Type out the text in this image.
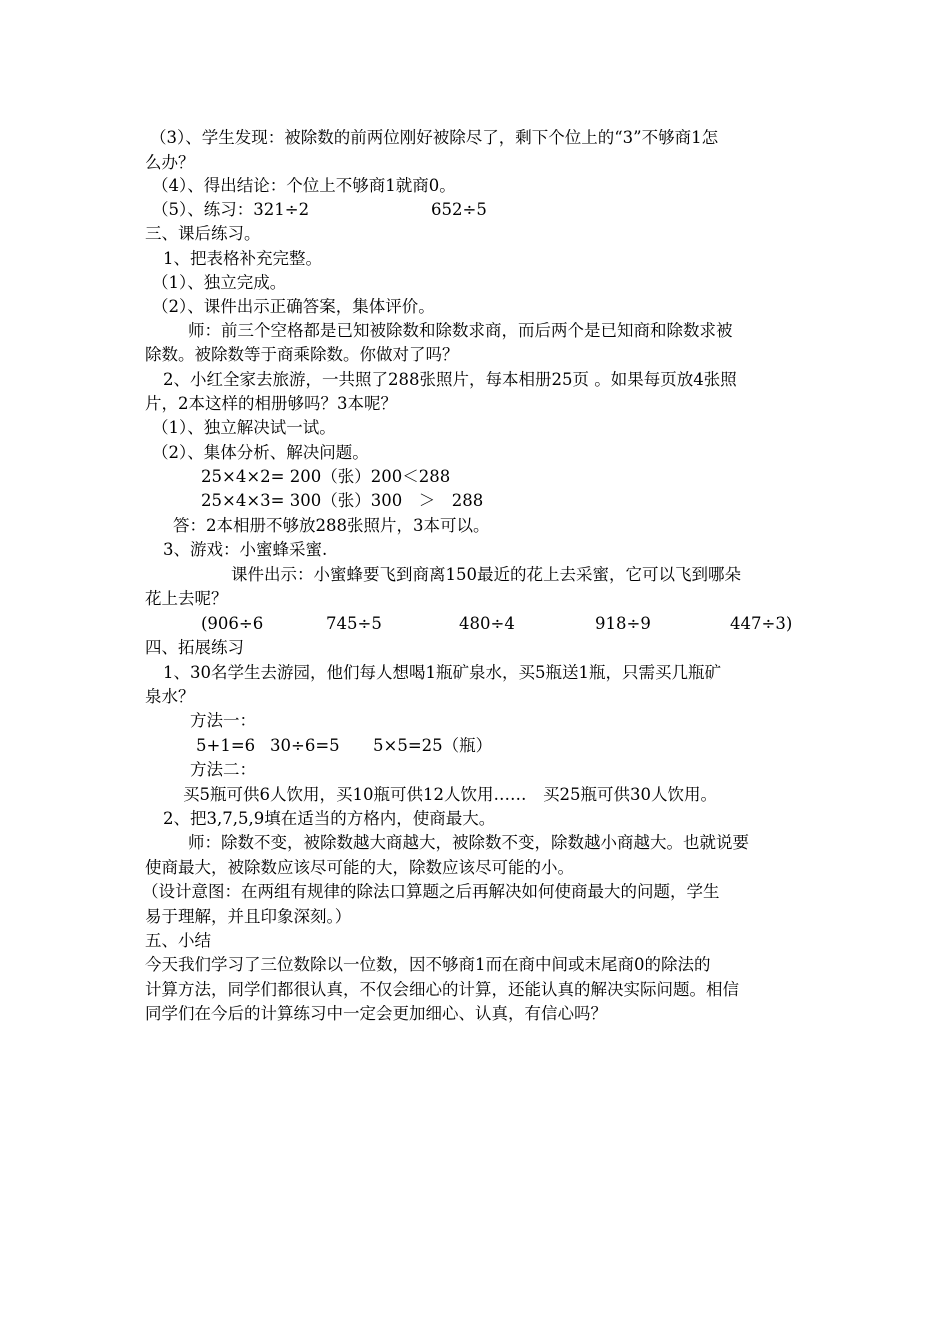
（3）、学生发现：被除数的前两位刚好被除尽了，剩下个位上的“3”不够商1怎
么办？
（4）、得出结论：个位上不够商1就商0。
（5）、练习：321÷2	652÷5
三、课后练习。
1、把表格补充完整。
（1）、独立完成。
（2）、课件出示正确答案，集体评价。
师：前三个空格都是已知被除数和除数求商，而后两个是已知商和除数求被
除数。被除数等于商乘除数。你做对了吗？
2、小红全家去旅游，一共照了288张照片，每本相册25页 。如果每页放4张照
片，2本这样的相册够吗？3本呢？
（1）、独立解决试一试。
（2）、集体分析、解决问题。
25×4×2= 200（张）200＜288
25×4×3= 300（张）300　＞　288
答：2本相册不够放288张照片，3本可以。
3、游戏：小蜜蜂采蜜.
课件出示：小蜜蜂要飞到商离150最近的花上去采蜜，它可以飞到哪朵
花上去呢？
(906÷6	745÷5	480÷4	918÷9	447÷3)
四、拓展练习
1、30名学生去游园，他们每人想喝1瓶矿泉水，买5瓶送1瓶，只需买几瓶矿
泉水？
方法一：
5+1=6 30÷6=5 5×5=25（瓶）
方法二：
买5瓶可供6人饮用，买10瓶可供12人饮用……　买25瓶可供30人饮用。
2、把3,7,5,9填在适当的方格内，使商最大。
师：除数不变，被除数越大商越大，被除数不变，除数越小商越大。也就说要
使商最大，被除数应该尽可能的大，除数应该尽可能的小。
（设计意图：在两组有规律的除法口算题之后再解决如何使商最大的问题，学生
易于理解，并且印象深刻。）
五、小结
今天我们学习了三位数除以一位数，因不够商1而在商中间或末尾商0的除法的
计算方法，同学们都很认真，不仅会细心的计算，还能认真的解决实际问题。相信
同学们在今后的计算练习中一定会更加细心、认真，有信心吗？
